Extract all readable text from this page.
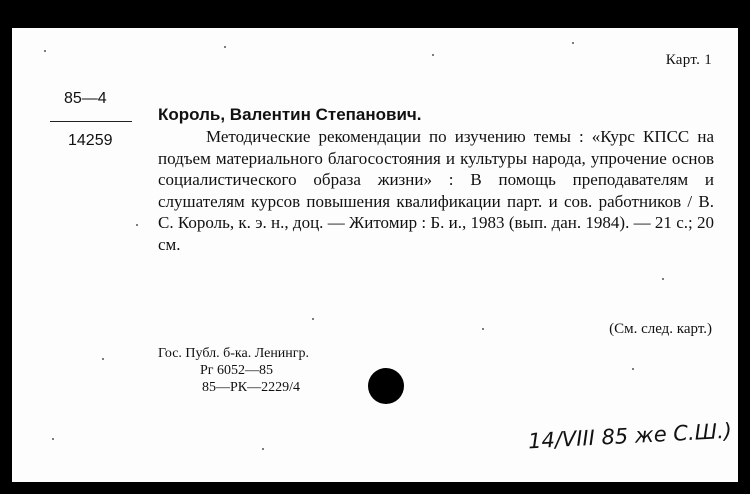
Карт. 1
85—4
14259
Король, Валентин Степанович.
Методические рекомендации по изучению темы : «Курс КПСС на подъем материального благосостояния и культуры народа, упрочение основ социалистического образа жизни» : В помощь преподавателям и слушателям курсов повышения квалификации парт. и сов. работников / В. С. Король, к. э. н., доц. — Житомир : Б. и., 1983 (вып. дан. 1984). — 21 с.; 20 см.
(См. след. карт.)
Гос. Публ. б-ка. Ленингр.
Рг 6052—85
85—РК—2229/4
14/VIII 85 же С.Ш.)
